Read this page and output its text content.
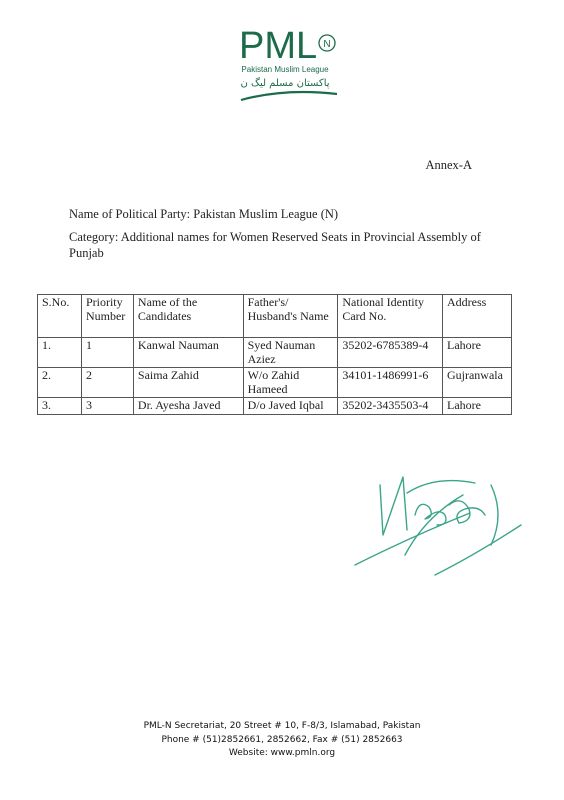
PML N
Pakistan Muslim League
پاکستان مسلم لیگ ن
Annex-A
Name of Political Party: Pakistan Muslim League (N)
Category: Additional names for Women Reserved Seats in Provincial Assembly of Punjab
S.No.	Priority Number	Name of the Candidates	Father's/ Husband's Name	National Identity Card No.	Address
1.	1	Kanwal Nauman	Syed Nauman Aziez	35202-6785389-4	Lahore
2.	2	Saima Zahid	W/o Zahid Hameed	34101-1486991-6	Gujranwala
3.	3	Dr. Ayesha Javed	D/o Javed Iqbal	35202-3435503-4	Lahore
PML-N Secretariat, 20 Street # 10, F-8/3, Islamabad, Pakistan
Phone # (51)2852661, 2852662, Fax # (51) 2852663
Website: www.pmln.org
